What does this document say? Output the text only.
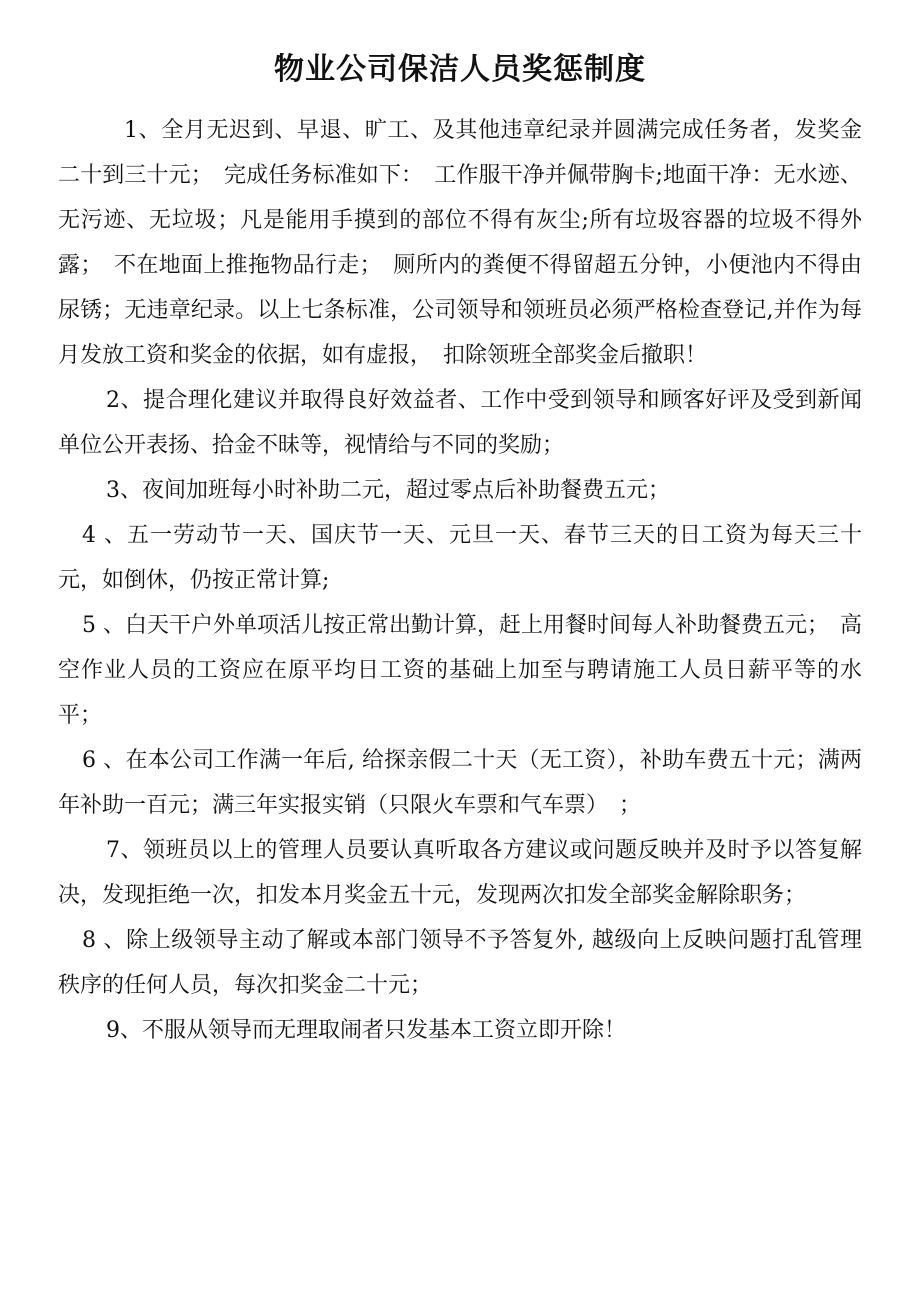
物业公司保洁人员奖惩制度

1、全月无迟到、早退、旷工、及其他违章纪录并圆满完成任务者，发奖金二十到三十元；　完成任务标准如下：　工作服干净并佩带胸卡;地面干净：无水迹、无污迹、无垃圾；凡是能用手摸到的部位不得有灰尘;所有垃圾容器的垃圾不得外露；　不在地面上推拖物品行走；　厕所内的粪便不得留超五分钟，小便池内不得由尿锈；无违章纪录。以上七条标准，公司领导和领班员必须严格检查登记,并作为每月发放工资和奖金的依据，如有虚报，　扣除领班全部奖金后撤职！

2、提合理化建议并取得良好效益者、工作中受到领导和顾客好评及受到新闻单位公开表扬、拾金不昧等，视情给与不同的奖励；

3、夜间加班每小时补助二元，超过零点后补助餐费五元；

4 、五一劳动节一天、国庆节一天、元旦一天、春节三天的日工资为每天三十元，如倒休，仍按正常计算;

5 、白天干户外单项活儿按正常出勤计算，赶上用餐时间每人补助餐费五元；　高空作业人员的工资应在原平均日工资的基础上加至与聘请施工人员日薪平等的水平；

6 、在本公司工作满一年后, 给探亲假二十天（无工资），补助车费五十元；满两年补助一百元；满三年实报实销（只限火车票和气车票）　；

7、领班员以上的管理人员要认真听取各方建议或问题反映并及时予以答复解决，发现拒绝一次，扣发本月奖金五十元，发现两次扣发全部奖金解除职务；

8 、除上级领导主动了解或本部门领导不予答复外, 越级向上反映问题打乱管理秩序的任何人员，每次扣奖金二十元；

9、不服从领导而无理取闹者只发基本工资立即开除！
